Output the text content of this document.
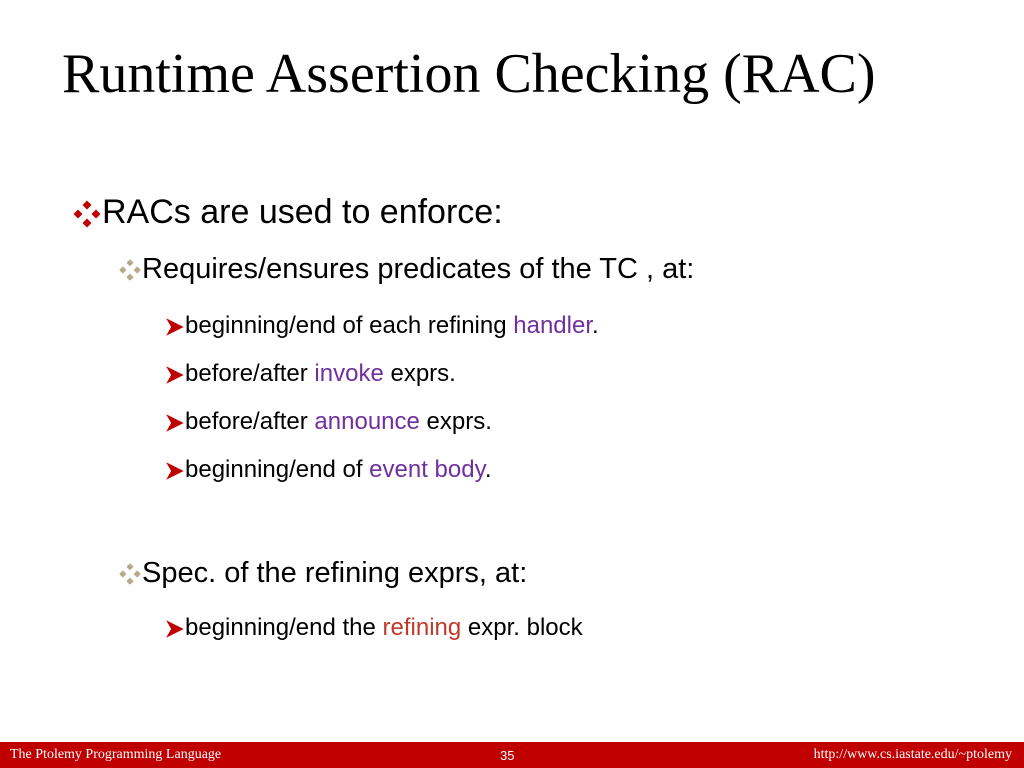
Runtime Assertion Checking (RAC)
RACs are used to enforce:
Requires/ensures predicates of the TC , at:
beginning/end of each refining handler.
before/after invoke exprs.
before/after announce exprs.
beginning/end of event body.
Spec. of the refining exprs, at:
beginning/end the refining expr. block
The Ptolemy Programming Language	35	http://www.cs.iastate.edu/~ptolemy
